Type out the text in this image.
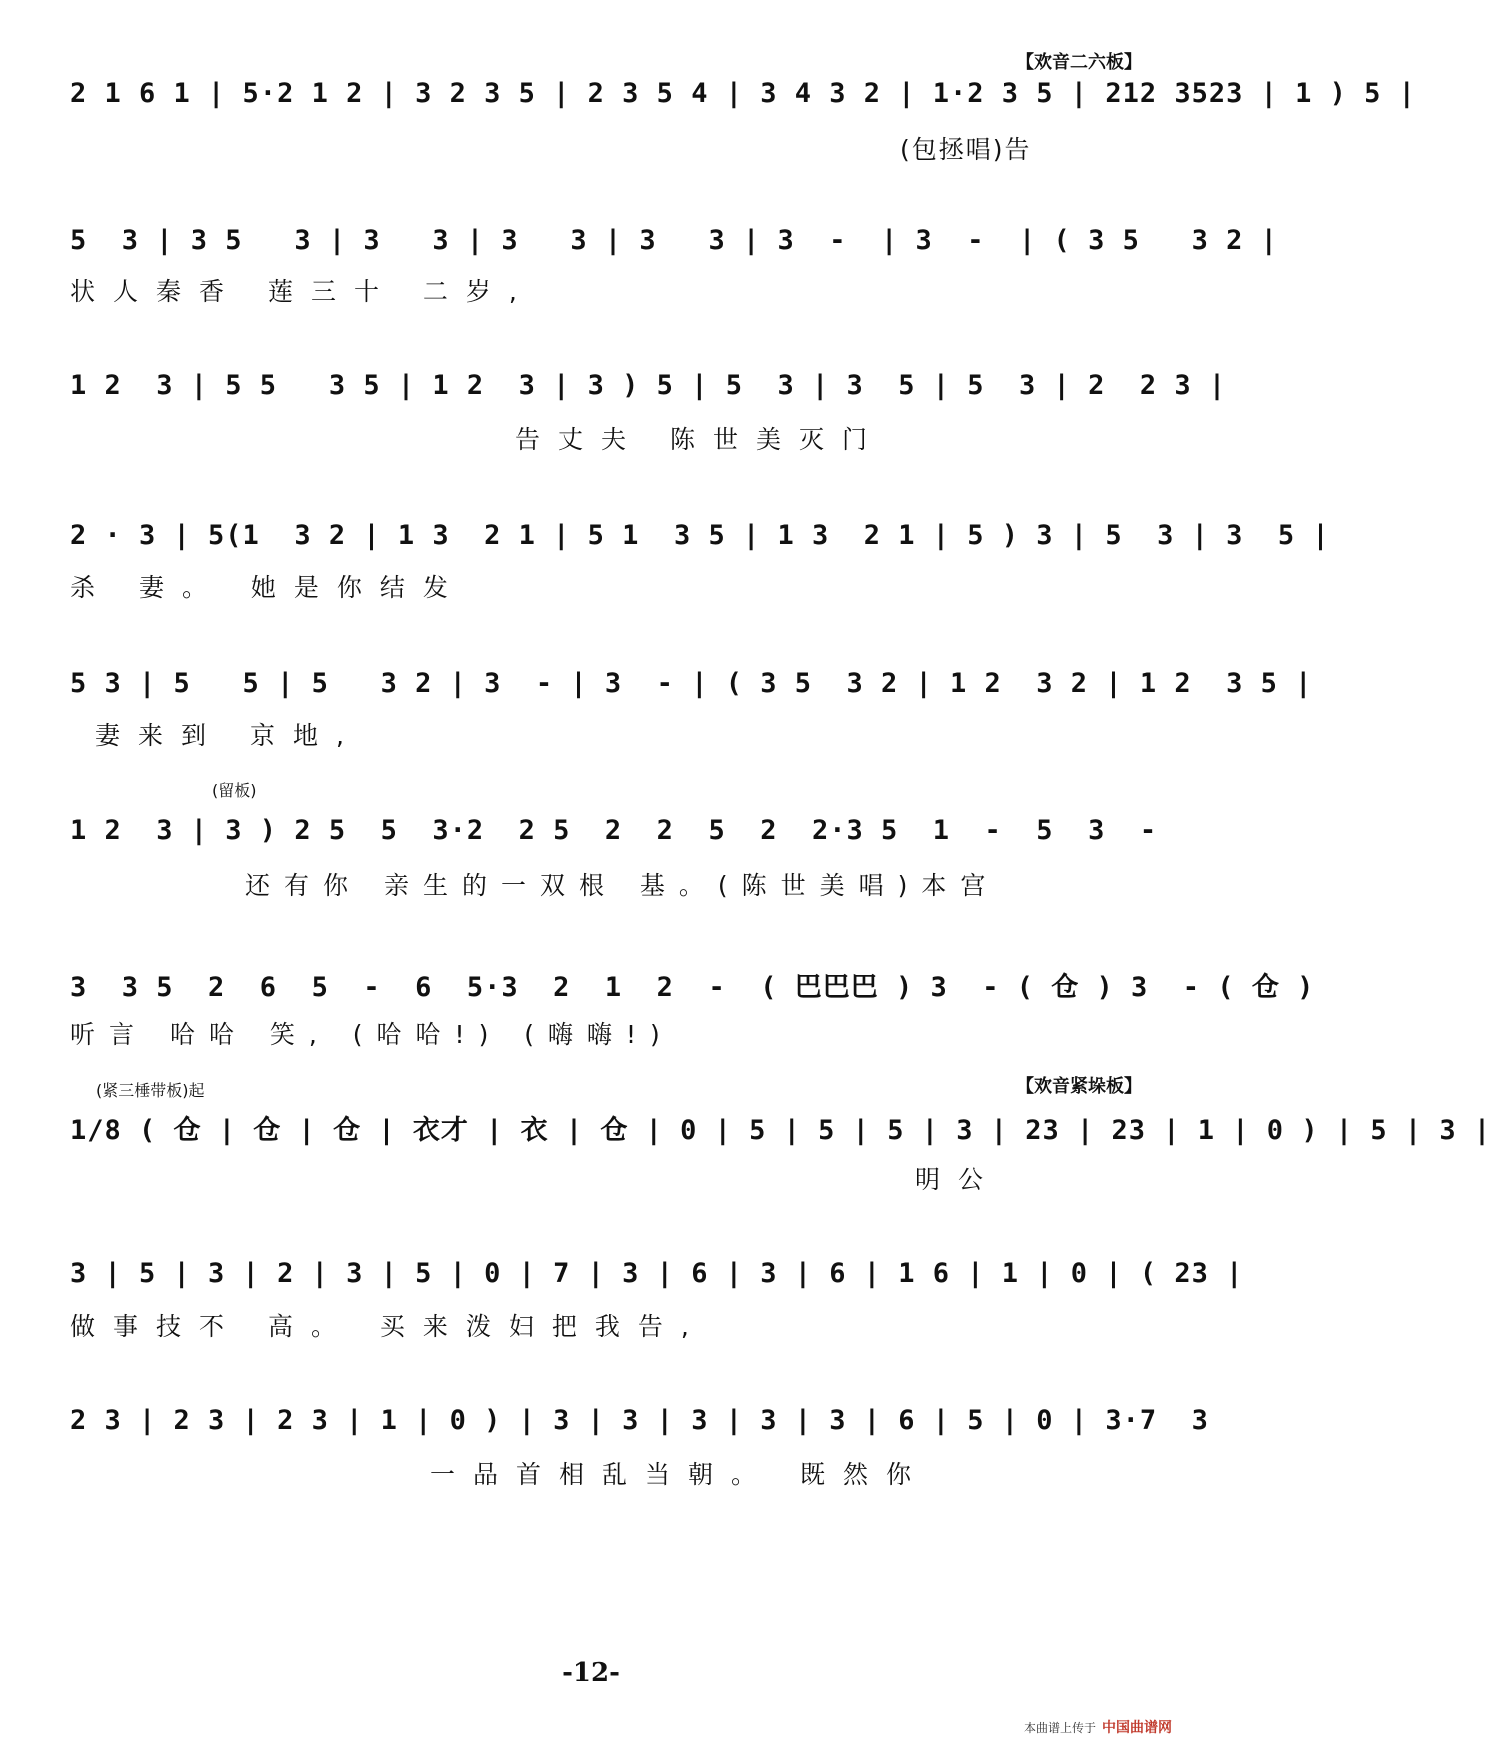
【欢音二六板】
2 1 6 1 | 5·2 1 2 | 3 2 3 5 | 2 3 5 4 | 3 4 3 2 | 1·2 3 5 | 212 3523 | 1 ) 5 |
(包拯唱)告
5  3 | 3 5   3 | 3   3 | 3   3 | 3   3 | 3  -  | 3  -  | ( 3 5   3 2 |
状人秦香 莲三十 二岁,
1 2  3 | 5 5   3 5 | 1 2  3 | 3 ) 5 | 5  3 | 3  5 | 5  3 | 2  2 3 |
告丈夫 陈世美灭门
2 · 3 | 5(1  3 2 | 1 3  2 1 | 5 1  3 5 | 1 3  2 1 | 5 ) 3 | 5  3 | 3  5 |
杀 妻。 她是你结发
5 3 | 5   5 | 5   3 2 | 3  - | 3  - | ( 3 5  3 2 | 1 2  3 2 | 1 2  3 5 |
妻来到 京地,
(留板)
1 2  3 | 3 ) 2 5  5  3·2  2 5  2  2  5  2  2·3 5  1  -  5  3  -
还有你 亲生的一双根 基。(陈世美唱)本宫
3  3 5  2  6  5  -  6  5·3  2  1  2  -  ( 巴巴巴 ) 3  - ( 仓 ) 3  - ( 仓 )
听言 哈哈 笑, (哈哈!) (嗨嗨!)
(紧三棰带板)起	【欢音紧垛板】
1/8 ( 仓 | 仓 | 仓 | 衣才 | 衣 | 仓 | 0 | 5 | 5 | 5 | 3 | 23 | 23 | 1 | 0 ) | 5 | 3 |
明公
3 | 5 | 3 | 2 | 3 | 5 | 0 | 7 | 3 | 6 | 3 | 6 | 1 6 | 1 | 0 | ( 23 |
做事技不 高。 买来泼妇把我告,
2 3 | 2 3 | 2 3 | 1 | 0 ) | 3 | 3 | 3 | 3 | 3 | 6 | 5 | 0 | 3·7  3
一品首相乱当朝。 既然你
-12-
本曲谱上传于 中国曲谱网
